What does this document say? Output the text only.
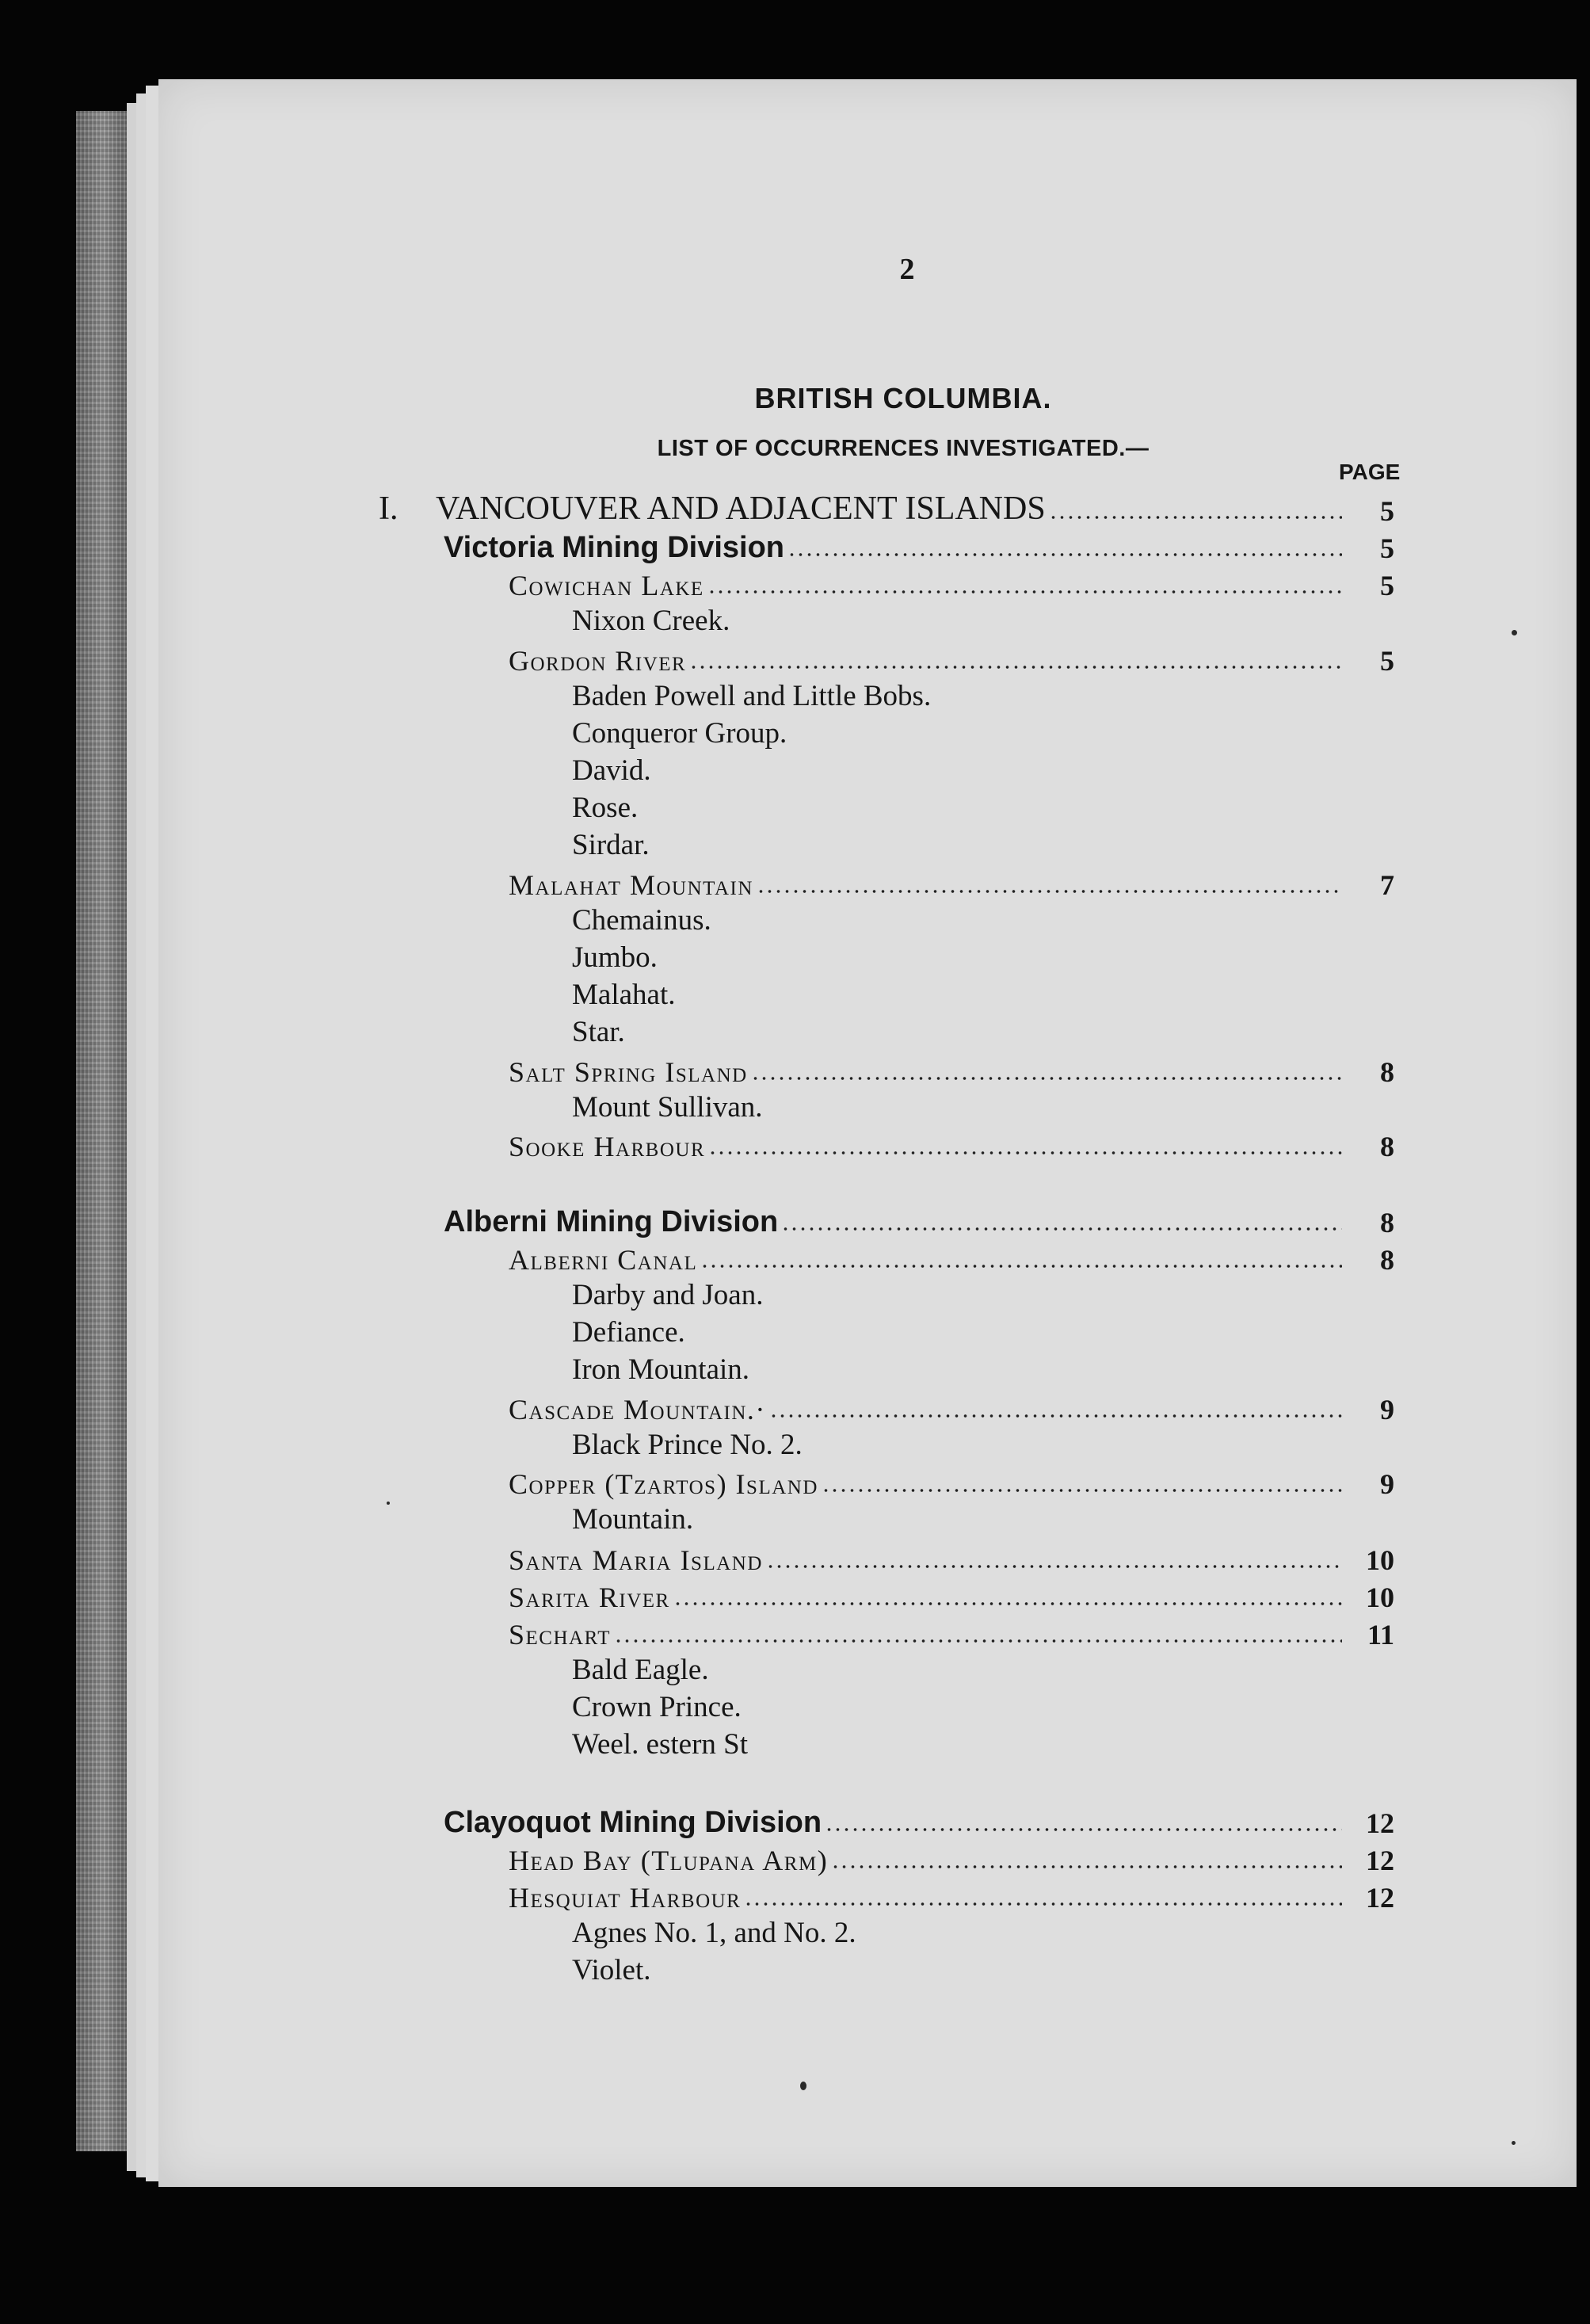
2
BRITISH COLUMBIA.
LIST OF OCCURRENCES INVESTIGATED.—
PAGE
I. VANCOUVER AND ADJACENT ISLANDS	5
Victoria Mining Division	5
Cowichan Lake	5
Nixon Creek.
Gordon River	5
Baden Powell and Little Bobs.
Conqueror Group.
David.
Rose.
Sirdar.
Malahat Mountain	7
Chemainus.
Jumbo.
Malahat.
Star.
Salt Spring Island	8
Mount Sullivan.
Sooke Harbour	8
Alberni Mining Division	8
Alberni Canal	8
Darby and Joan.
Defiance.
Iron Mountain.
Cascade Mountain.·	9
Black Prince No. 2.
Copper (Tzartos) Island	9
Mountain.
Santa Maria Island	10
Sarita River	10
Sechart	11
Bald Eagle.
Crown Prince.
Weel. estern St
Clayoquot Mining Division	12
Head Bay (Tlupana Arm)	12
Hesquiat Harbour	12
Agnes No. 1, and No. 2.
Violet.
